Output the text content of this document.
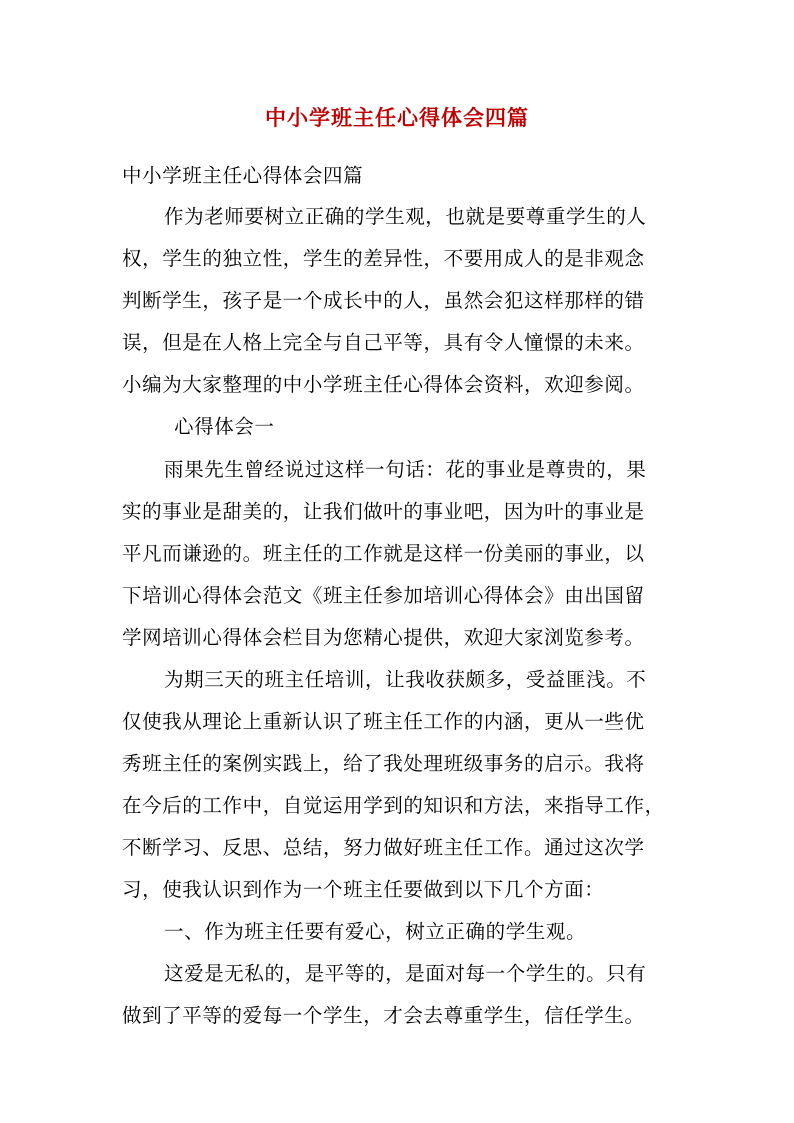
中小学班主任心得体会四篇
中小学班主任心得体会四篇
作为老师要树立正确的学生观，也就是要尊重学生的人
权，学生的独立性，学生的差异性，不要用成人的是非观念
判断学生，孩子是一个成长中的人，虽然会犯这样那样的错
误，但是在人格上完全与自己平等，具有令人憧憬的未来。
小编为大家整理的中小学班主任心得体会资料，欢迎参阅。
心得体会一
雨果先生曾经说过这样一句话：花的事业是尊贵的，果
实的事业是甜美的，让我们做叶的事业吧，因为叶的事业是
平凡而谦逊的。班主任的工作就是这样一份美丽的事业，以
下培训心得体会范文《班主任参加培训心得体会》由出国留
学网培训心得体会栏目为您精心提供，欢迎大家浏览参考。
为期三天的班主任培训，让我收获颇多，受益匪浅。不
仅使我从理论上重新认识了班主任工作的内涵，更从一些优
秀班主任的案例实践上，给了我处理班级事务的启示。我将
在今后的工作中，自觉运用学到的知识和方法，来指导工作，
不断学习、反思、总结，努力做好班主任工作。通过这次学
习，使我认识到作为一个班主任要做到以下几个方面：
一、作为班主任要有爱心，树立正确的学生观。
这爱是无私的，是平等的，是面对每一个学生的。只有
做到了平等的爱每一个学生，才会去尊重学生，信任学生。
